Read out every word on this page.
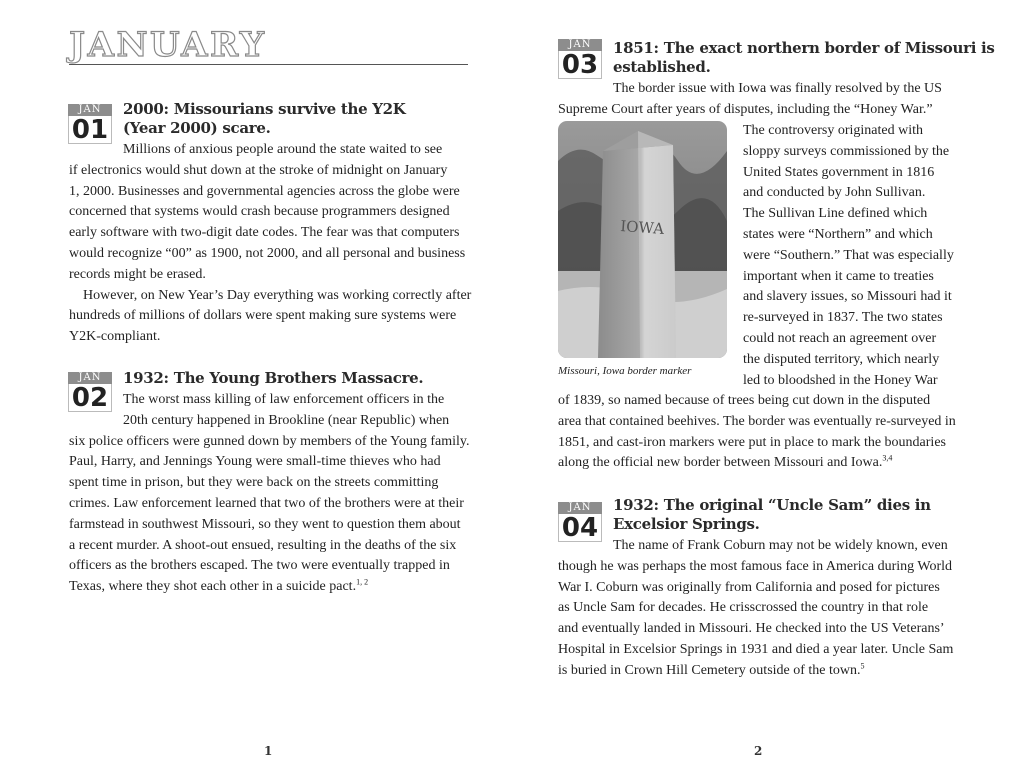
JANUARY
JAN
01
2000: Missourians survive the Y2K
(Year 2000) scare.
Millions of anxious people around the state waited to see
if electronics would shut down at the stroke of midnight on January
1, 2000. Businesses and governmental agencies across the globe were
concerned that systems would crash because programmers designed
early software with two-digit date codes. The fear was that computers
would recognize “00” as 1900, not 2000, and all personal and business
records might be erased.
 However, on New Year’s Day everything was working correctly after
hundreds of millions of dollars were spent making sure systems were
Y2K-compliant.
JAN
02
1932: The Young Brothers Massacre.
The worst mass killing of law enforcement officers in the
20th century happened in Brookline (near Republic) when
six police officers were gunned down by members of the Young family.
Paul, Harry, and Jennings Young were small-time thieves who had
spent time in prison, but they were back on the streets committing
crimes. Law enforcement learned that two of the brothers were at their
farmstead in southwest Missouri, so they went to question them about
a recent murder. A shoot-out ensued, resulting in the deaths of the six
officers as the brothers escaped. The two were eventually trapped in
Texas, where they shot each other in a suicide pact.$^{1, 2}$
1
JAN
03
1851: The exact northern border of Missouri is
established.
The border issue with Iowa was finally resolved by the US
Supreme Court after years of disputes, including the “Honey War.”
IOWA
Missouri, Iowa border marker
The controversy originated with
sloppy surveys commissioned by the
United States government in 1816
and conducted by John Sullivan.
The Sullivan Line defined which
states were “Northern” and which
were “Southern.” That was especially
important when it came to treaties
and slavery issues, so Missouri had it
re-surveyed in 1837. The two states
could not reach an agreement over
the disputed territory, which nearly
led to bloodshed in the Honey War
of 1839, so named because of trees being cut down in the disputed
area that contained beehives. The border was eventually re-surveyed in
1851, and cast-iron markers were put in place to mark the boundaries
along the official new border between Missouri and Iowa.$^{3,4}$
JAN
04
1932: The original “Uncle Sam” dies in
Excelsior Springs.
The name of Frank Coburn may not be widely known, even
though he was perhaps the most famous face in America during World
War I. Coburn was originally from California and posed for pictures
as Uncle Sam for decades. He crisscrossed the country in that role
and eventually landed in Missouri. He checked into the US Veterans’
Hospital in Excelsior Springs in 1931 and died a year later. Uncle Sam
is buried in Crown Hill Cemetery outside of the town.$^5$
2
